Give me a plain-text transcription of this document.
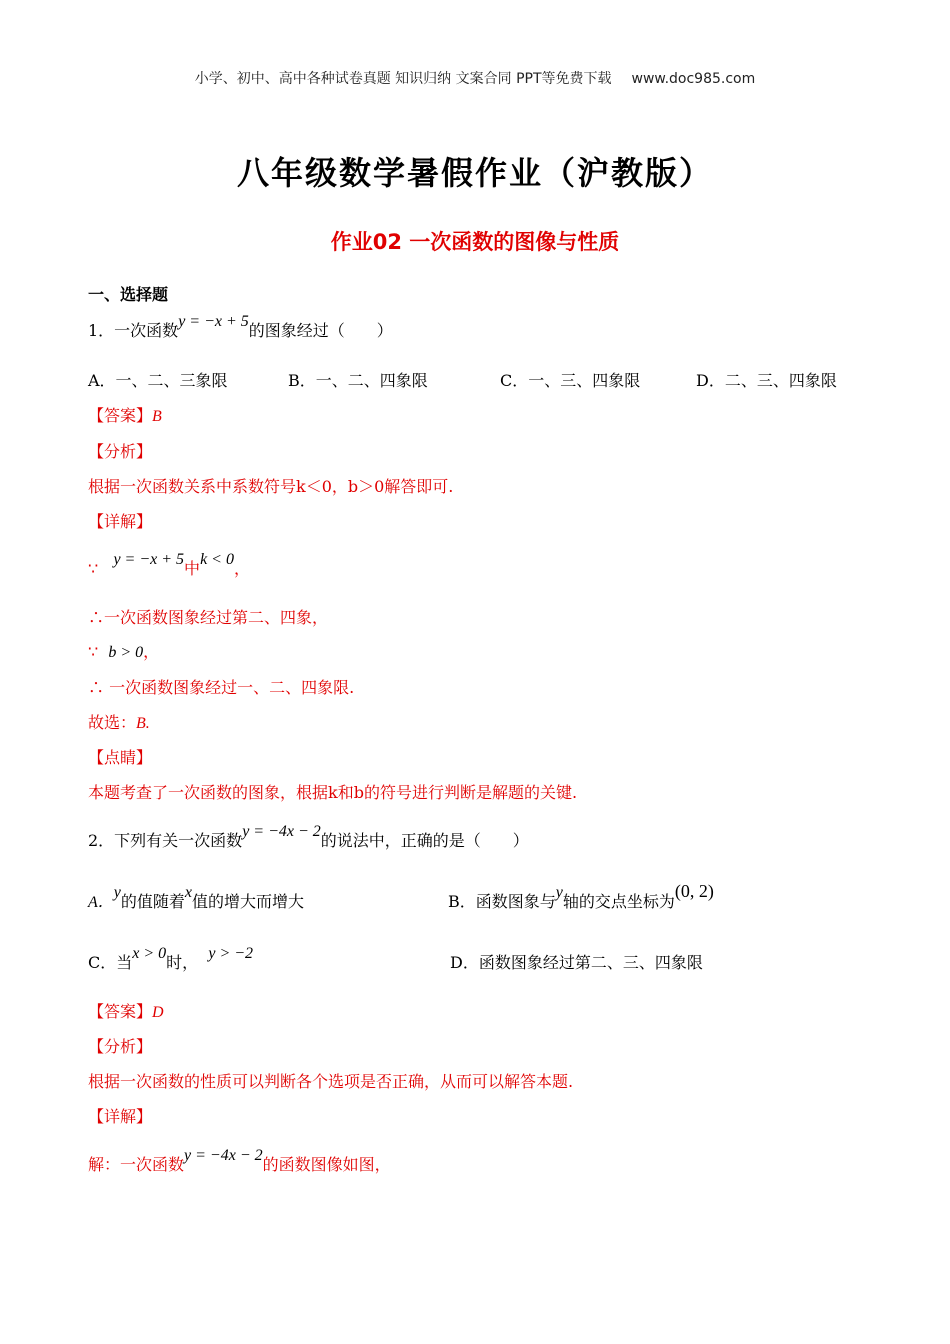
小学、初中、高中各种试卷真题 知识归纳 文案合同 PPT等免费下载 www.doc985.com
八年级数学暑假作业（沪教版）
作业02 一次函数的图像与性质
一、选择题
1．一次函数y = −x + 5的图象经过（　　）
A．一、二、三象限	B．一、二、四象限	C．一、三、四象限	D．二、三、四象限
【答案】B
【分析】
根据一次函数关系中系数符号k＜0，b＞0解答即可.
【详解】
∵ y = −x + 5中k < 0，
∴一次函数图象经过第二、四象，
∵ b > 0，
∴ 一次函数图象经过一、二、四象限.
故选：B.
【点睛】
本题考查了一次函数的图象，根据k和b的符号进行判断是解题的关键.
2．下列有关一次函数y = −4x − 2的说法中，正确的是（　　）
A．y的值随着x值的增大而增大	B．函数图象与y轴的交点坐标为(0, 2)
C．当x > 0时， y > −2	D．函数图象经过第二、三、四象限
【答案】D
【分析】
根据一次函数的性质可以判断各个选项是否正确，从而可以解答本题.
【详解】
解：一次函数y = −4x − 2的函数图像如图，
